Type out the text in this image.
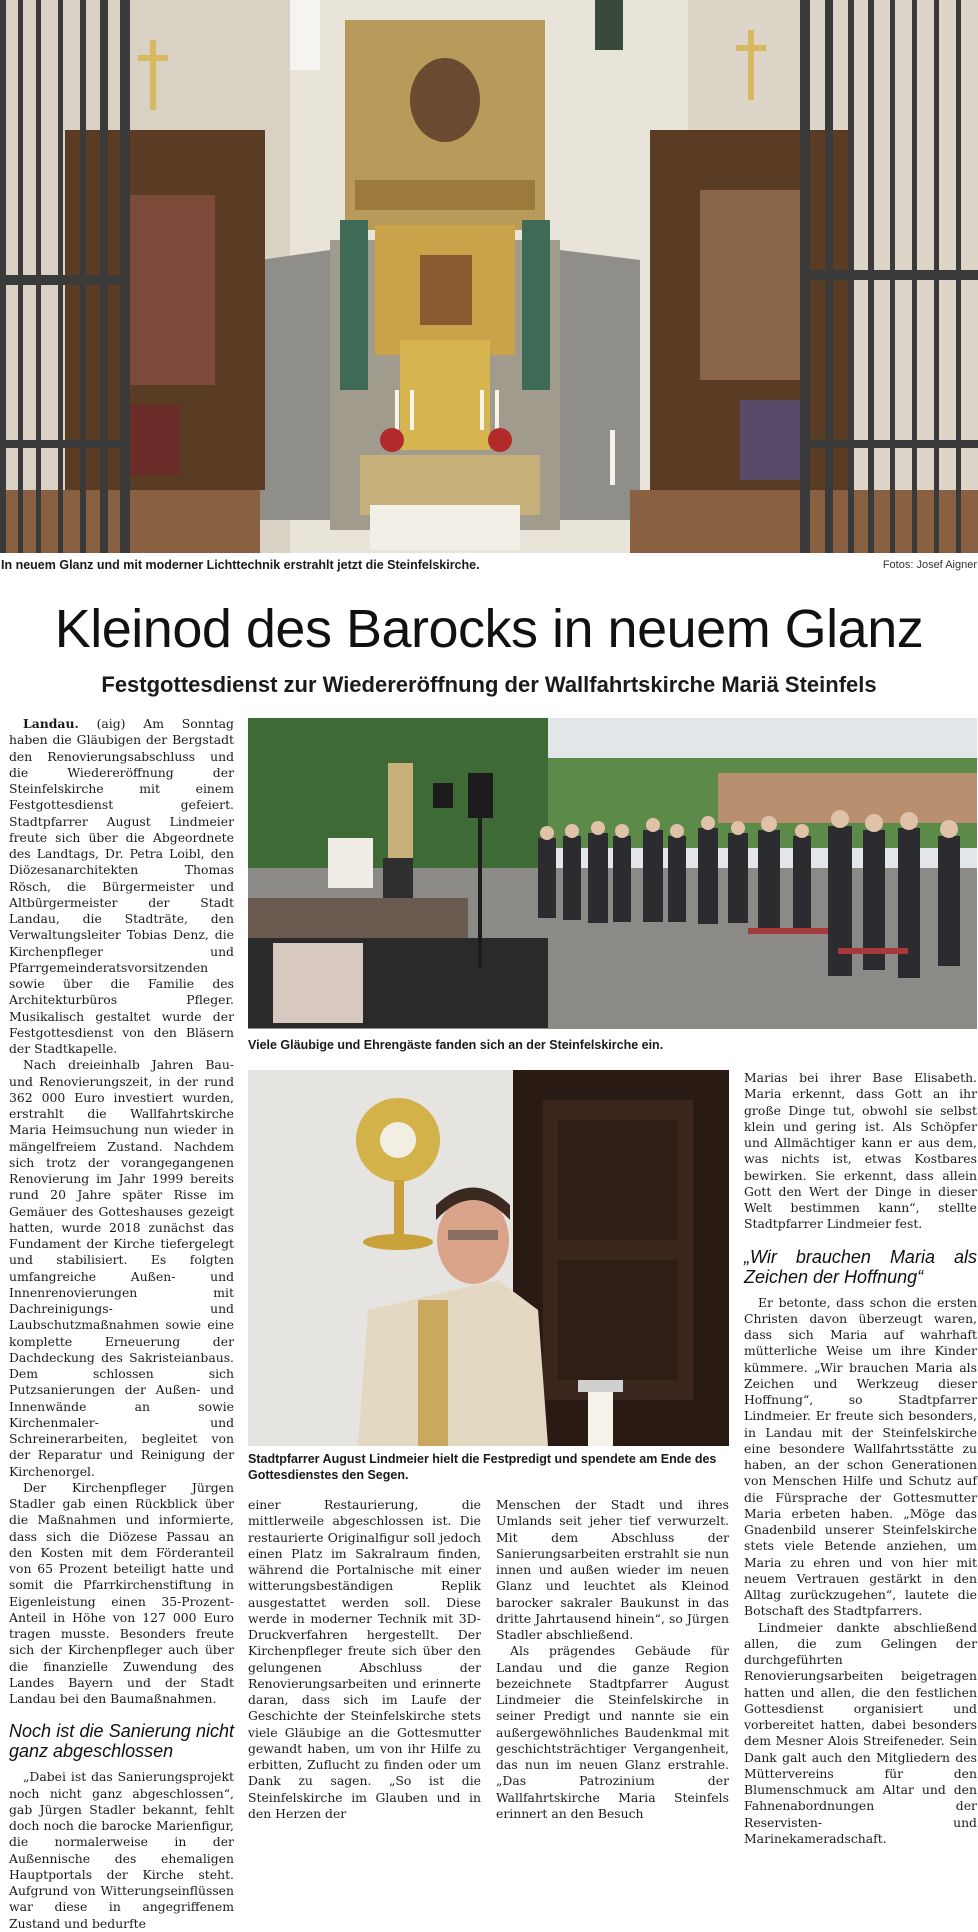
In neuem Glanz und mit moderner Lichttechnik erstrahlt jetzt die Steinfelskirche.	Fotos: Josef Aigner
Kleinod des Barocks in neuem Glanz
Festgottesdienst zur Wiedereröffnung der Wallfahrtskirche Mariä Steinfels
Viele Gläubige und Ehrengäste fanden sich an der Steinfelskirche ein.
Stadtpfarrer August Lindmeier hielt die Festpredigt und spendete am Ende des Gottesdienstes den Segen.

Landau. (aig) Am Sonntag haben die Gläubigen der Bergstadt den Renovierungsabschluss und die Wiedereröffnung der Steinfelskirche mit einem Festgottesdienst gefeiert. Stadtpfarrer August Lindmeier freute sich über die Abgeordnete des Landtags, Dr. Petra Loibl, den Diözesanarchitekten Thomas Rösch, die Bürgermeister und Altbürgermeister der Stadt Landau, die Stadträte, den Verwaltungsleiter Tobias Denz, die Kirchenpfleger und Pfarrgemeinderatsvorsitzenden sowie über die Familie des Architekturbüros Pfleger. Musikalisch gestaltet wurde der Festgottesdienst von den Bläsern der Stadtkapelle.

Nach dreieinhalb Jahren Bau- und Renovierungszeit, in der rund 362 000 Euro investiert wurden, erstrahlt die Wallfahrtskirche Maria Heimsuchung nun wieder in mängelfreiem Zustand. Nachdem sich trotz der vorangegangenen Renovierung im Jahr 1999 bereits rund 20 Jahre später Risse im Gemäuer des Gotteshauses gezeigt hatten, wurde 2018 zunächst das Fundament der Kirche tiefergelegt und stabilisiert. Es folgten umfangreiche Außen- und Innenrenovierungen mit Dachreinigungs- und Laubschutzmaßnahmen sowie eine komplette Erneuerung der Dachdeckung des Sakristeianbaus. Dem schlossen sich Putzsanierungen der Außen- und Innenwände an sowie Kirchenmaler- und Schreinerarbeiten, begleitet von der Reparatur und Reinigung der Kirchenorgel.

Der Kirchenpfleger Jürgen Stadler gab einen Rückblick über die Maßnahmen und informierte, dass sich die Diözese Passau an den Kosten mit dem Förderanteil von 65 Prozent beteiligt hatte und somit die Pfarrkirchenstiftung in Eigenleistung einen 35-Prozent-Anteil in Höhe von 127 000 Euro tragen musste. Besonders freute sich der Kirchenpfleger auch über die finanzielle Zuwendung des Landes Bayern und der Stadt Landau bei den Baumaßnahmen.

Noch ist die Sanierung nicht ganz abgeschlossen

„Dabei ist das Sanierungsprojekt noch nicht ganz abgeschlossen“, gab Jürgen Stadler bekannt, fehlt doch noch die barocke Marienfigur, die normalerweise in der Außennische des ehemaligen Hauptportals der Kirche steht. Aufgrund von Witterungseinflüssen war diese in angegriffenem Zustand und bedurfte

einer Restaurierung, die mittlerweile abgeschlossen ist. Die restaurierte Originalfigur soll jedoch einen Platz im Sakralraum finden, während die Portalnische mit einer witterungsbeständigen Replik ausgestattet werden soll. Diese werde in moderner Technik mit 3D-Druckverfahren hergestellt. Der Kirchenpfleger freute sich über den gelungenen Abschluss der Renovierungsarbeiten und erinnerte daran, dass sich im Laufe der Geschichte der Steinfelskirche stets viele Gläubige an die Gottesmutter gewandt haben, um von ihr Hilfe zu erbitten, Zuflucht zu finden oder um Dank zu sagen. „So ist die Steinfelskirche im Glauben und in den Herzen der

Menschen der Stadt und ihres Umlands seit jeher tief verwurzelt. Mit dem Abschluss der Sanierungsarbeiten erstrahlt sie nun innen und außen wieder im neuen Glanz und leuchtet als Kleinod barocker sakraler Baukunst in das dritte Jahrtausend hinein“, so Jürgen Stadler abschließend.

Als prägendes Gebäude für Landau und die ganze Region bezeichnete Stadtpfarrer August Lindmeier die Steinfelskirche in seiner Predigt und nannte sie ein außergewöhnliches Baudenkmal mit geschichtsträchtiger Vergangenheit, das nun im neuen Glanz erstrahle. „Das Patrozinium der Wallfahrtskirche Maria Steinfels erinnert an den Besuch

Marias bei ihrer Base Elisabeth. Maria erkennt, dass Gott an ihr große Dinge tut, obwohl sie selbst klein und gering ist. Als Schöpfer und Allmächtiger kann er aus dem, was nichts ist, etwas Kostbares bewirken. Sie erkennt, dass allein Gott den Wert der Dinge in dieser Welt bestimmen kann“, stellte Stadtpfarrer Lindmeier fest.

„Wir brauchen Maria als Zeichen der Hoffnung“

Er betonte, dass schon die ersten Christen davon überzeugt waren, dass sich Maria auf wahrhaft mütterliche Weise um ihre Kinder kümmere. „Wir brauchen Maria als Zeichen und Werkzeug dieser Hoffnung“, so Stadtpfarrer Lindmeier. Er freute sich besonders, in Landau mit der Steinfelskirche eine besondere Wallfahrtsstätte zu haben, an der schon Generationen von Menschen Hilfe und Schutz auf die Fürsprache der Gottesmutter Maria erbeten haben. „Möge das Gnadenbild unserer Steinfelskirche stets viele Betende anziehen, um Maria zu ehren und von hier mit neuem Vertrauen gestärkt in den Alltag zurückzugehen“, lautete die Botschaft des Stadtpfarrers.

Lindmeier dankte abschließend allen, die zum Gelingen der durchgeführten Renovierungsarbeiten beigetragen hatten und allen, die den festlichen Gottesdienst organisiert und vorbereitet hatten, dabei besonders dem Mesner Alois Streifeneder. Sein Dank galt auch den Mitgliedern des Müttervereins für den Blumenschmuck am Altar und den Fahnenabordnungen der Reservisten- und Marinekameradschaft.
